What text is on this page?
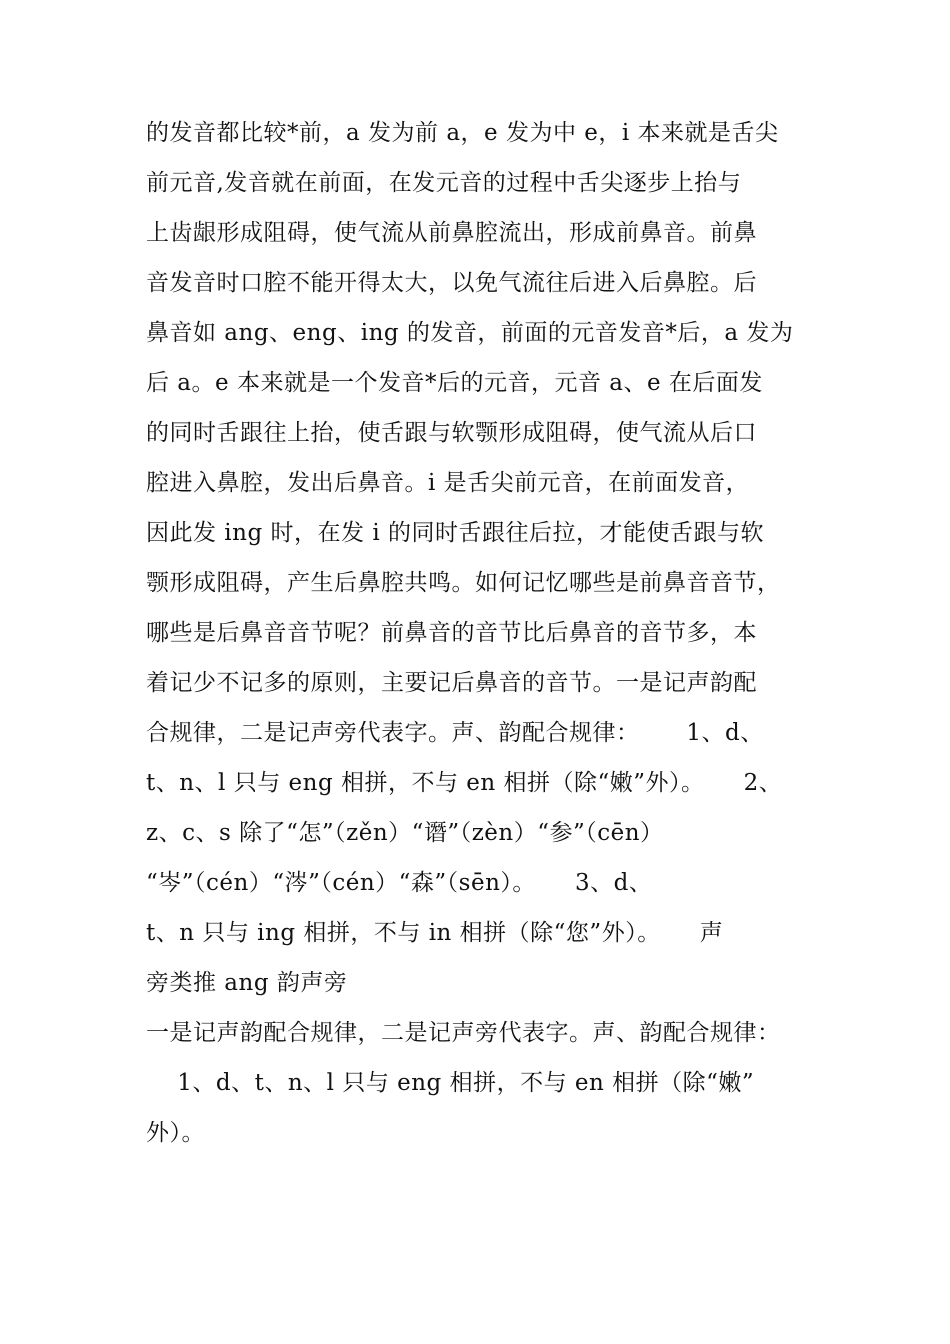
的发音都比较*前，a 发为前 a，e 发为中 e，i 本来就是舌尖
前元音,发音就在前面，在发元音的过程中舌尖逐步上抬与
上齿龈形成阻碍，使气流从前鼻腔流出，形成前鼻音。前鼻
音发音时口腔不能开得太大，以免气流往后进入后鼻腔。后
鼻音如 ang、eng、ing 的发音，前面的元音发音*后，a 发为
后 a。e 本来就是一个发音*后的元音，元音 a、e 在后面发
的同时舌跟往上抬，使舌跟与软颚形成阻碍，使气流从后口
腔进入鼻腔，发出后鼻音。i 是舌尖前元音，在前面发音，
因此发 ing 时，在发 i 的同时舌跟往后拉，才能使舌跟与软
颚形成阻碍，产生后鼻腔共鸣。如何记忆哪些是前鼻音音节，
哪些是后鼻音音节呢？前鼻音的音节比后鼻音的音节多，本
着记少不记多的原则，主要记后鼻音的音节。一是记声韵配
合规律，二是记声旁代表字。声、韵配合规律：      1、d、
t、n、l 只与 eng 相拼，不与 en 相拼（除“嫩”外）。     2、
z、c、s 除了“怎”（zěn）“谮”（zèn）“参”（cēn）
“岑”（cén）“涔”（cén）“森”（sēn）。     3、d、
t、n 只与 ing 相拼，不与 in 相拼（除“您”外）。     声
旁类推 ang 韵声旁
一是记声韵配合规律，二是记声旁代表字。声、韵配合规律：
1、d、t、n、l 只与 eng 相拼，不与 en 相拼（除“嫩”
外）。
